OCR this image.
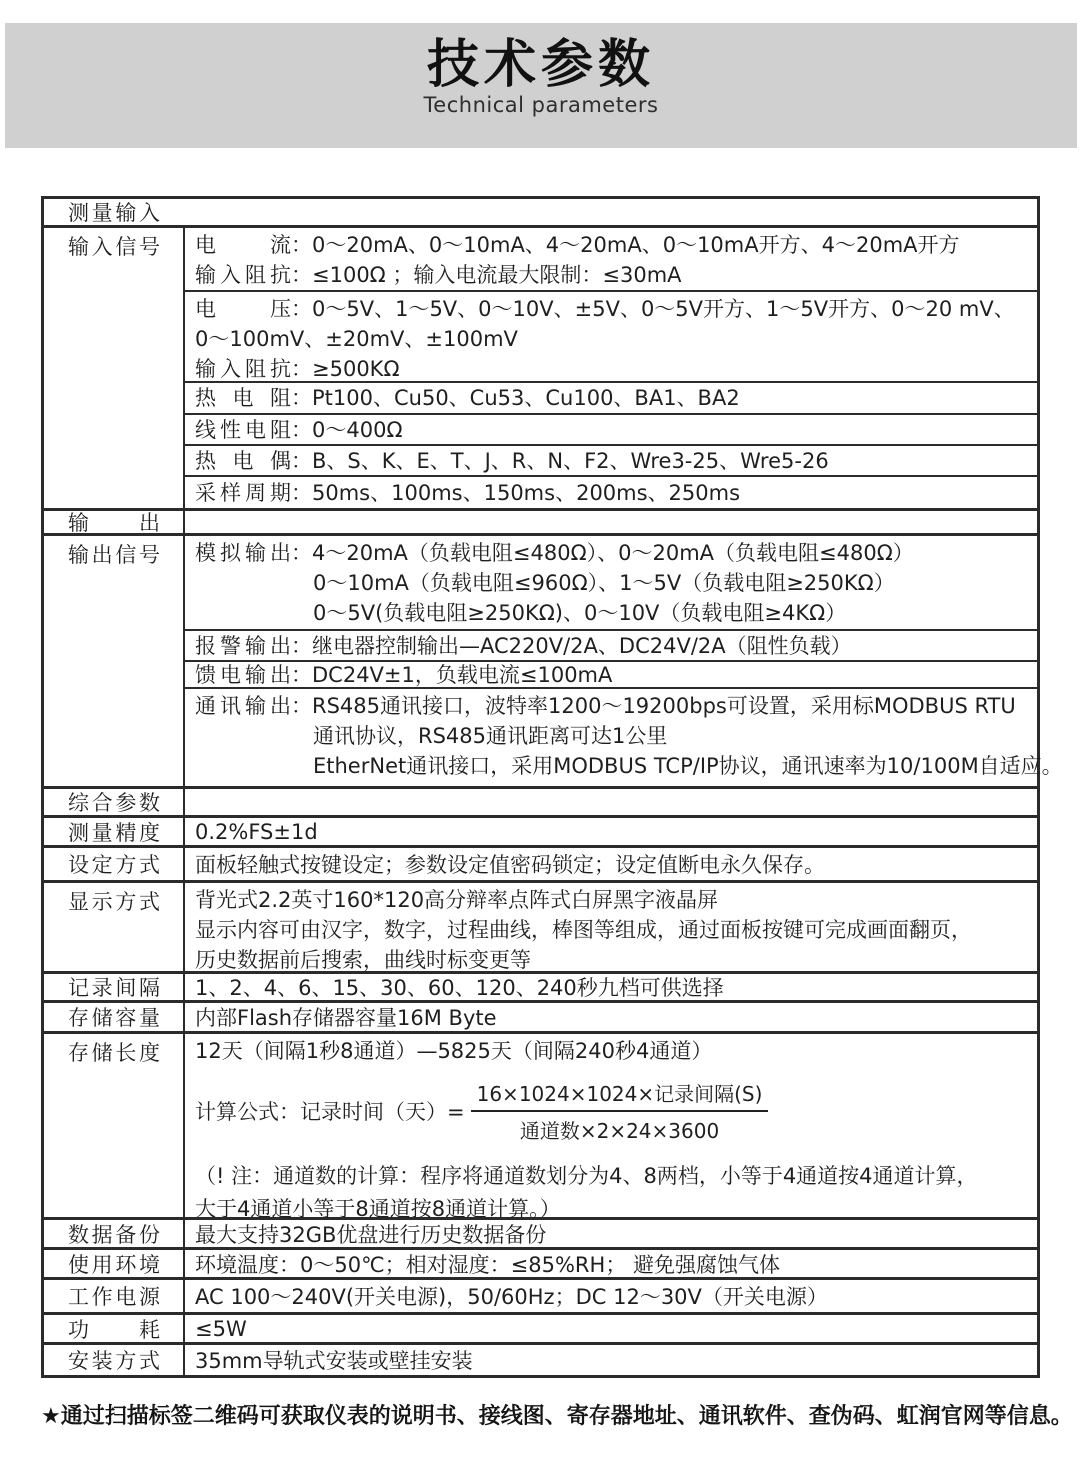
技术参数
Technical parameters
测量输入
输入信号 电流：0～20mA、0～10mA、4～20mA、0～10mA开方、4～20mA开方
输入阻抗：≤100Ω ；输入电流最大限制：≤30mA
电压：0～5V、1～5V、0～10V、±5V、0～5V开方、1～5V开方、0～20 mV、
0～100mV、±20mV、±100mV
输入阻抗：≥500KΩ
热电阻：Pt100、Cu50、Cu53、Cu100、BA1、BA2
线性电阻：0～400Ω
热电偶：B、S、K、E、T、J、R、N、F2、Wre3-25、Wre5-26
采样周期：50ms、100ms、150ms、200ms、250ms
输出
输出信号 模拟输出：4～20mA（负载电阻≤480Ω）、0～20mA（负载电阻≤480Ω）
0～10mA（负载电阻≤960Ω）、1～5V（负载电阻≥250KΩ）
0～5V(负载电阻≥250KΩ)、0～10V（负载电阻≥4KΩ）
报警输出：继电器控制输出—AC220V/2A、DC24V/2A（阻性负载）
馈电输出：DC24V±1，负载电流≤100mA
通讯输出：RS485通讯接口，波特率1200～19200bps可设置，采用标MODBUS RTU
通讯协议，RS485通讯距离可达1公里
EtherNet通讯接口，采用MODBUS TCP/IP协议，通讯速率为10/100M自适应。
综合参数
测量精度	0.2%FS±1d
设定方式	面板轻触式按键设定；参数设定值密码锁定；设定值断电永久保存。
显示方式 背光式2.2英寸160*120高分辩率点阵式白屏黑字液晶屏
显示内容可由汉字，数字，过程曲线，棒图等组成，通过面板按键可完成画面翻页，
历史数据前后搜索，曲线时标变更等
记录间隔	1、2、4、6、15、30、60、120、240秒九档可供选择
存储容量	内部Flash存储器容量16M Byte
存储长度 12天（间隔1秒8通道）—5825天（间隔240秒4通道）
计算公式：记录时间（天）= $\frac{\text{16×1024×1024×记录间隔(S)}}{\text{通道数×2×24×3600}}$
（! 注：通道数的计算：程序将通道数划分为4、8两档，小等于4通道按4通道计算，
大于4通道小等于8通道按8通道计算。）
数据备份	最大支持32GB优盘进行历史数据备份
使用环境	环境温度：0～50℃；相对湿度：≤85%RH； 避免强腐蚀气体
工作电源	AC 100～240V(开关电源)，50/60Hz；DC 12～30V（开关电源）
功耗	≤5W
安装方式	35mm导轨式安装或壁挂安装
★通过扫描标签二维码可获取仪表的说明书、接线图、寄存器地址、通讯软件、查伪码、虹润官网等信息。
